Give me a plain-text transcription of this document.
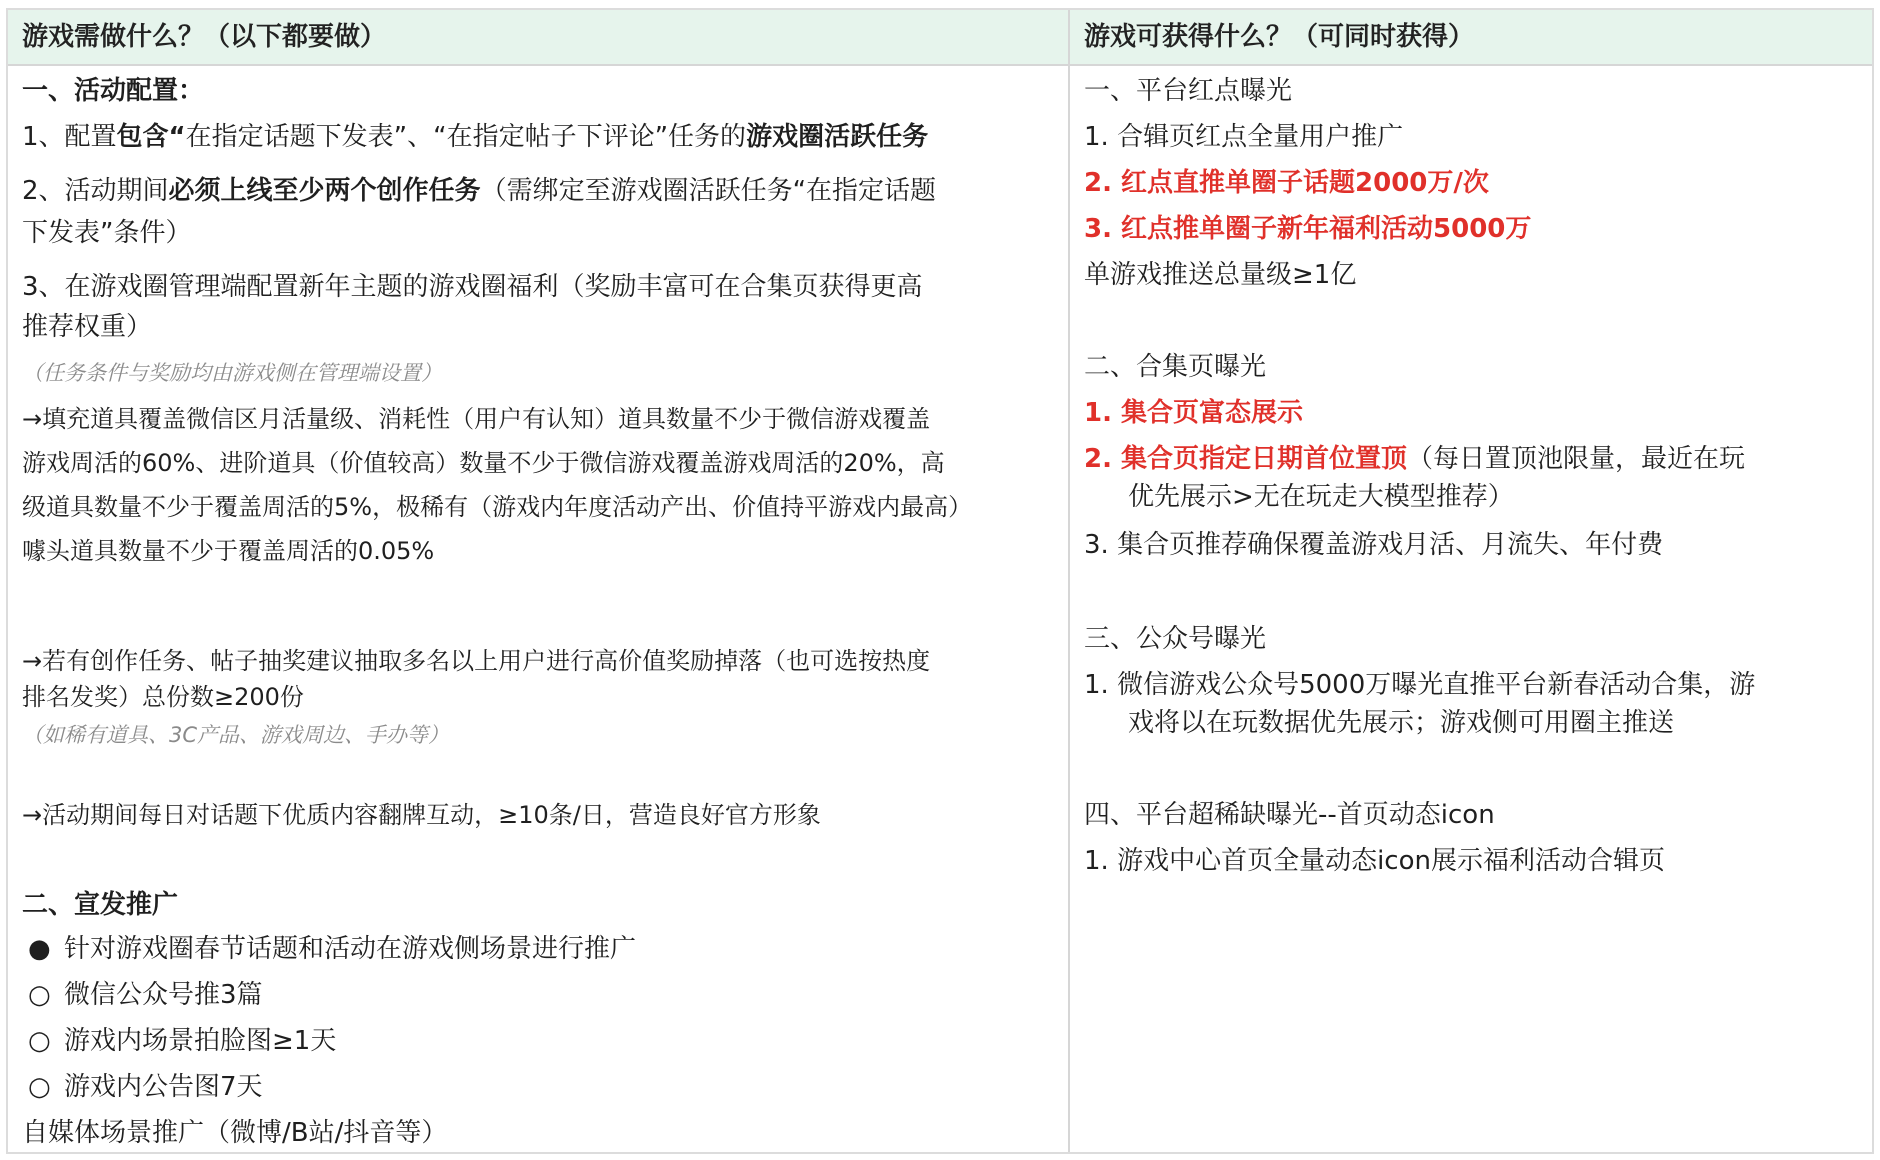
游戏需做什么？（以下都要做）	游戏可获得什么？（可同时获得）
一、活动配置：
1、配置包含“在指定话题下发表”、“在指定帖子下评论”任务的游戏圈活跃任务
2、活动期间必须上线至少两个创作任务（需绑定至游戏圈活跃任务“在指定话题
下发表”条件）
3、在游戏圈管理端配置新年主题的游戏圈福利（奖励丰富可在合集页获得更高
推荐权重）
（任务条件与奖励均由游戏侧在管理端设置）
→填充道具覆盖微信区月活量级、消耗性（用户有认知）道具数量不少于微信游戏覆盖
游戏周活的60%、进阶道具（价值较高）数量不少于微信游戏覆盖游戏周活的20%，高
级道具数量不少于覆盖周活的5%，极稀有（游戏内年度活动产出、价值持平游戏内最高）
噱头道具数量不少于覆盖周活的0.05%
→若有创作任务、帖子抽奖建议抽取多名以上用户进行高价值奖励掉落（也可选按热度
排名发奖）总份数≥200份
（如稀有道具、3C产品、游戏周边、手办等）
→活动期间每日对话题下优质内容翻牌互动，≥10条/日，营造良好官方形象
二、宣发推广
● 针对游戏圈春节话题和活动在游戏侧场景进行推广
○ 微信公众号推3篇
○ 游戏内场景拍脸图≥1天
○ 游戏内公告图7天
自媒体场景推广（微博/B站/抖音等）
一、平台红点曝光
1. 合辑页红点全量用户推广
2. 红点直推单圈子话题2000万/次
3. 红点推单圈子新年福利活动5000万
单游戏推送总量级≥1亿
二、合集页曝光
1. 集合页富态展示
2. 集合页指定日期首位置顶（每日置顶池限量，最近在玩
优先展示>无在玩走大模型推荐）
3. 集合页推荐确保覆盖游戏月活、月流失、年付费
三、公众号曝光
1. 微信游戏公众号5000万曝光直推平台新春活动合集，游
戏将以在玩数据优先展示；游戏侧可用圈主推送
四、平台超稀缺曝光--首页动态icon
1. 游戏中心首页全量动态icon展示福利活动合辑页
